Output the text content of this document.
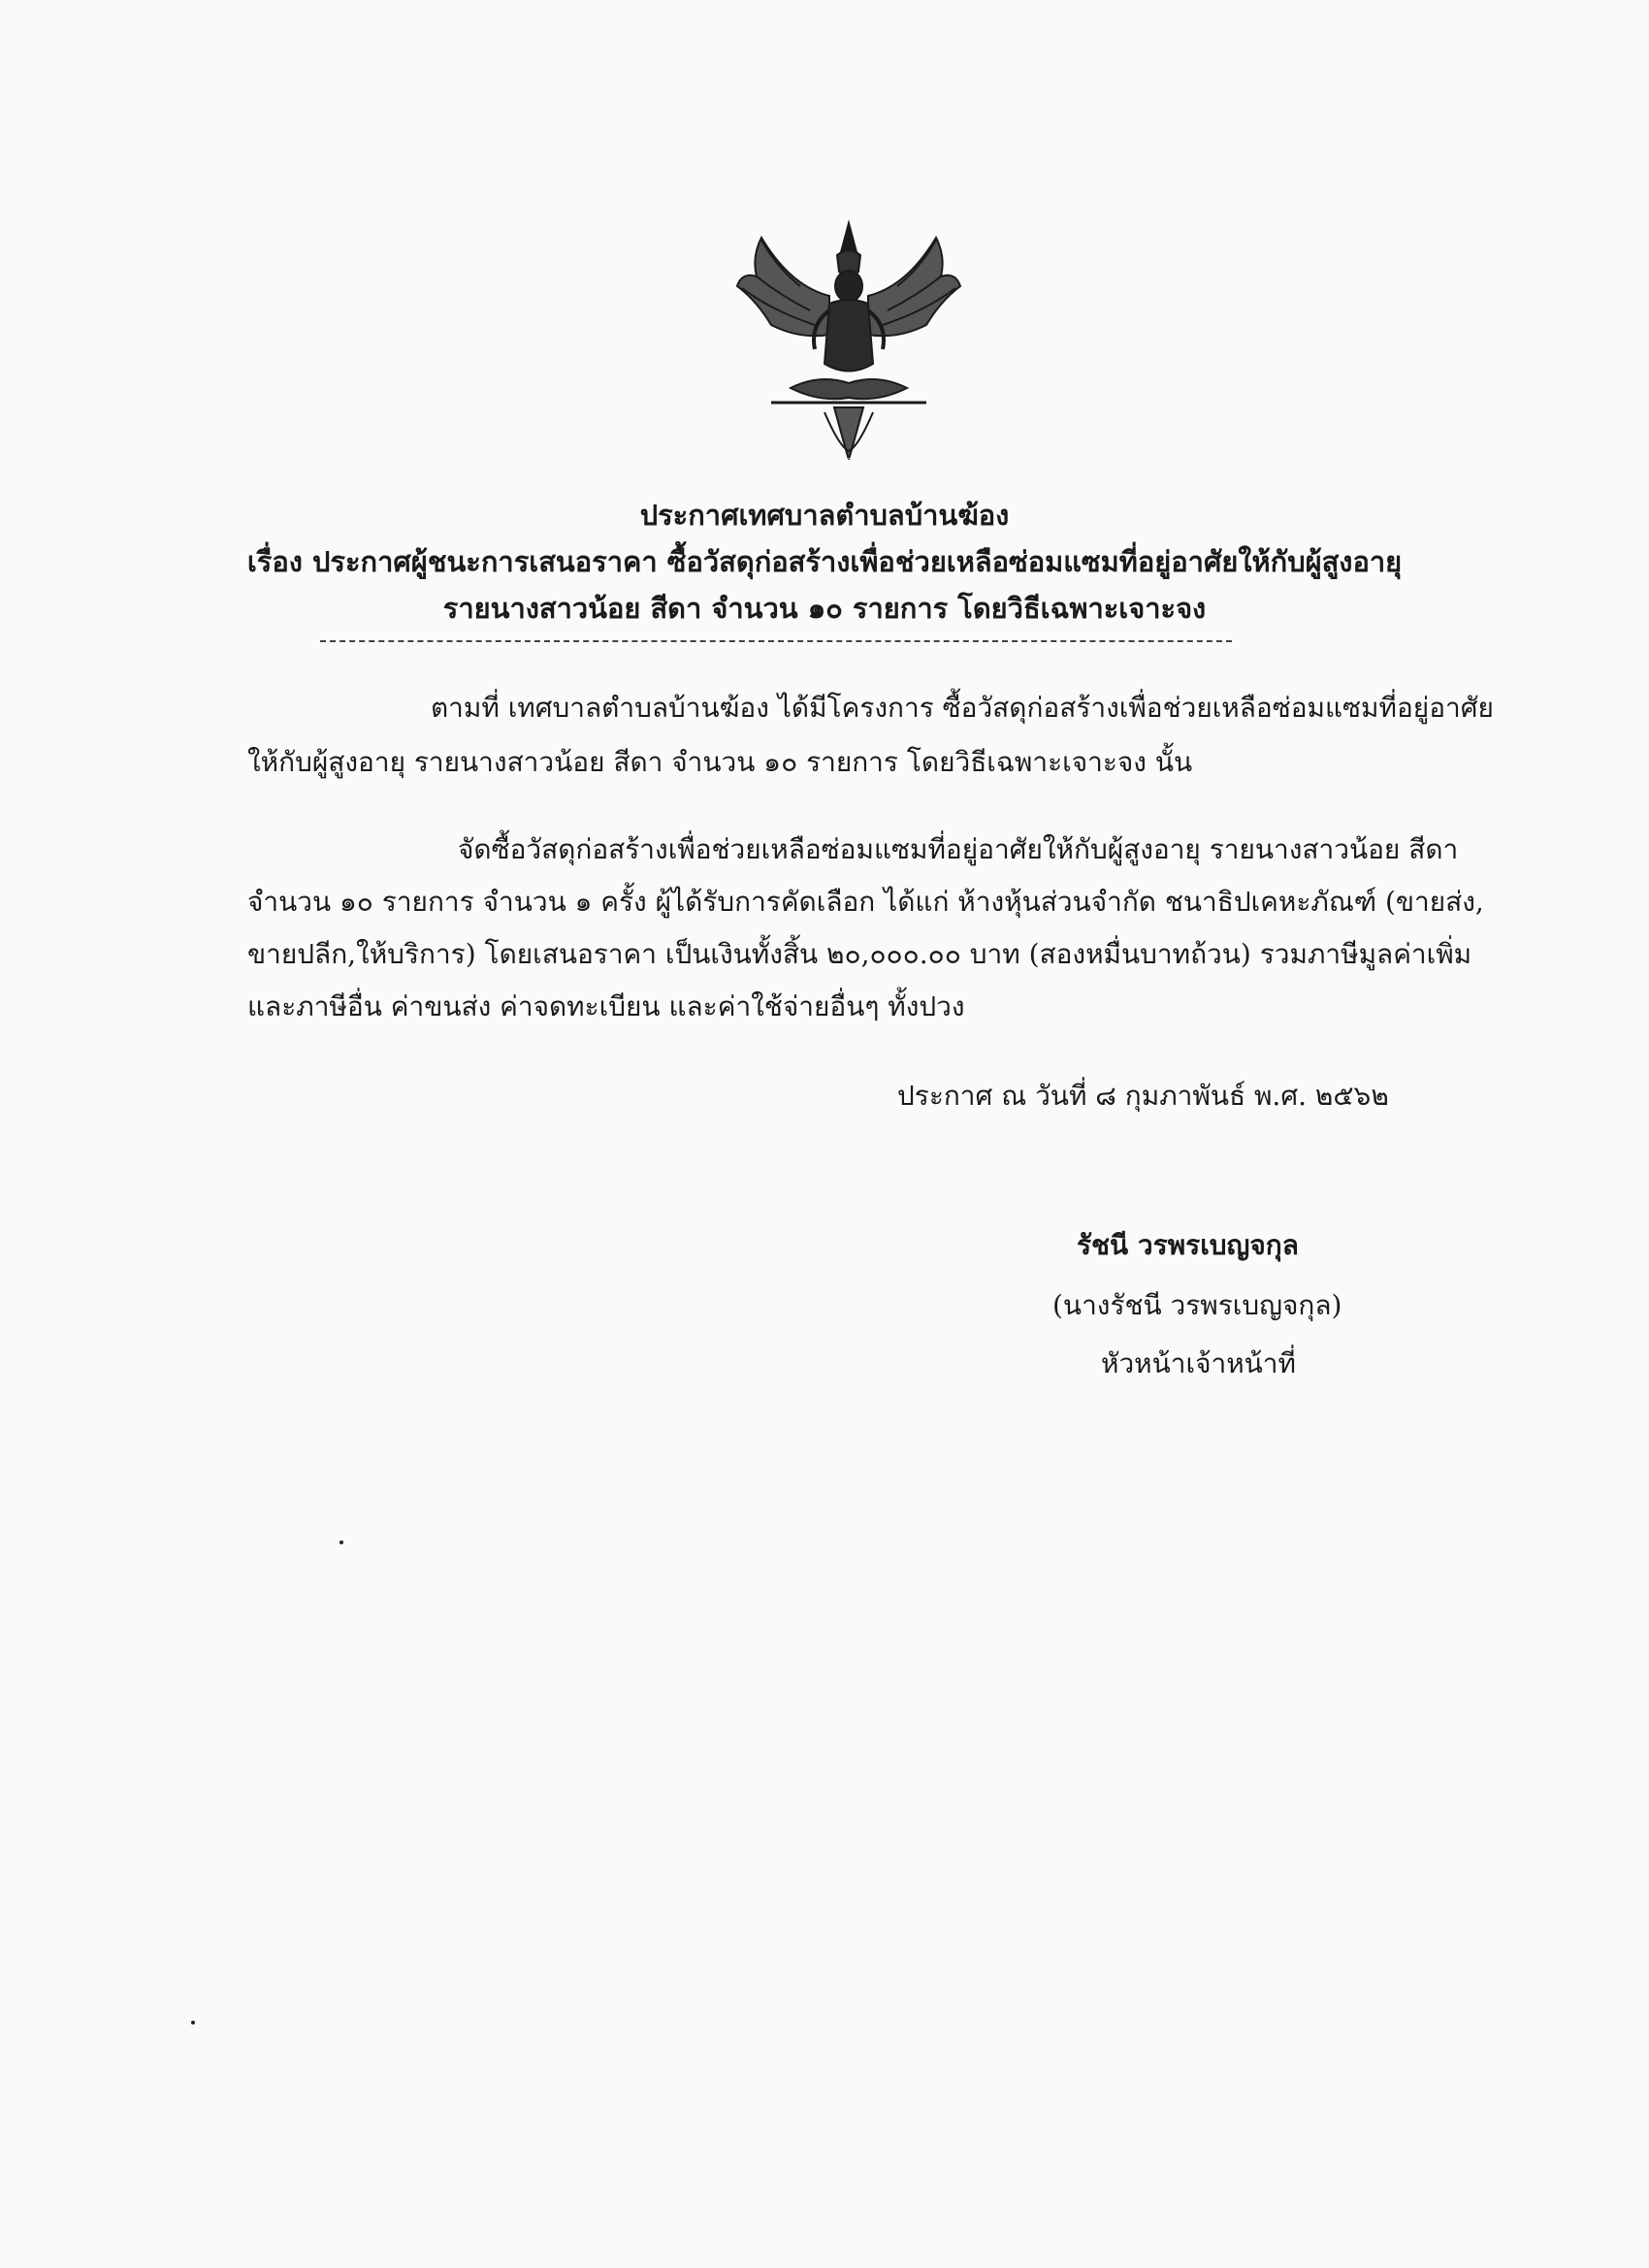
ประกาศเทศบาลตำบลบ้านฆ้อง
เรื่อง ประกาศผู้ชนะการเสนอราคา ซื้อวัสดุก่อสร้างเพื่อช่วยเหลือซ่อมแซมที่อยู่อาศัยให้กับผู้สูงอายุ
รายนางสาวน้อย สีดา จำนวน ๑๐ รายการ โดยวิธีเฉพาะเจาะจง
ตามที่ เทศบาลตำบลบ้านฆ้อง ได้มีโครงการ ซื้อวัสดุก่อสร้างเพื่อช่วยเหลือซ่อมแซมที่อยู่อาศัย
ให้กับผู้สูงอายุ รายนางสาวน้อย สีดา จำนวน ๑๐ รายการ โดยวิธีเฉพาะเจาะจง นั้น
จัดซื้อวัสดุก่อสร้างเพื่อช่วยเหลือซ่อมแซมที่อยู่อาศัยให้กับผู้สูงอายุ รายนางสาวน้อย สีดา
จำนวน ๑๐ รายการ จำนวน ๑ ครั้ง ผู้ได้รับการคัดเลือก ได้แก่ ห้างหุ้นส่วนจำกัด ชนาธิปเคหะภัณฑ์ (ขายส่ง,
ขายปลีก,ให้บริการ) โดยเสนอราคา เป็นเงินทั้งสิ้น ๒๐,๐๐๐.๐๐ บาท (สองหมื่นบาทถ้วน) รวมภาษีมูลค่าเพิ่ม
และภาษีอื่น ค่าขนส่ง ค่าจดทะเบียน และค่าใช้จ่ายอื่นๆ ทั้งปวง
ประกาศ ณ วันที่ ๘ กุมภาพันธ์ พ.ศ. ๒๕๖๒
รัชนี วรพรเบญจกุล
(นางรัชนี วรพรเบญจกุล)
หัวหน้าเจ้าหน้าที่
